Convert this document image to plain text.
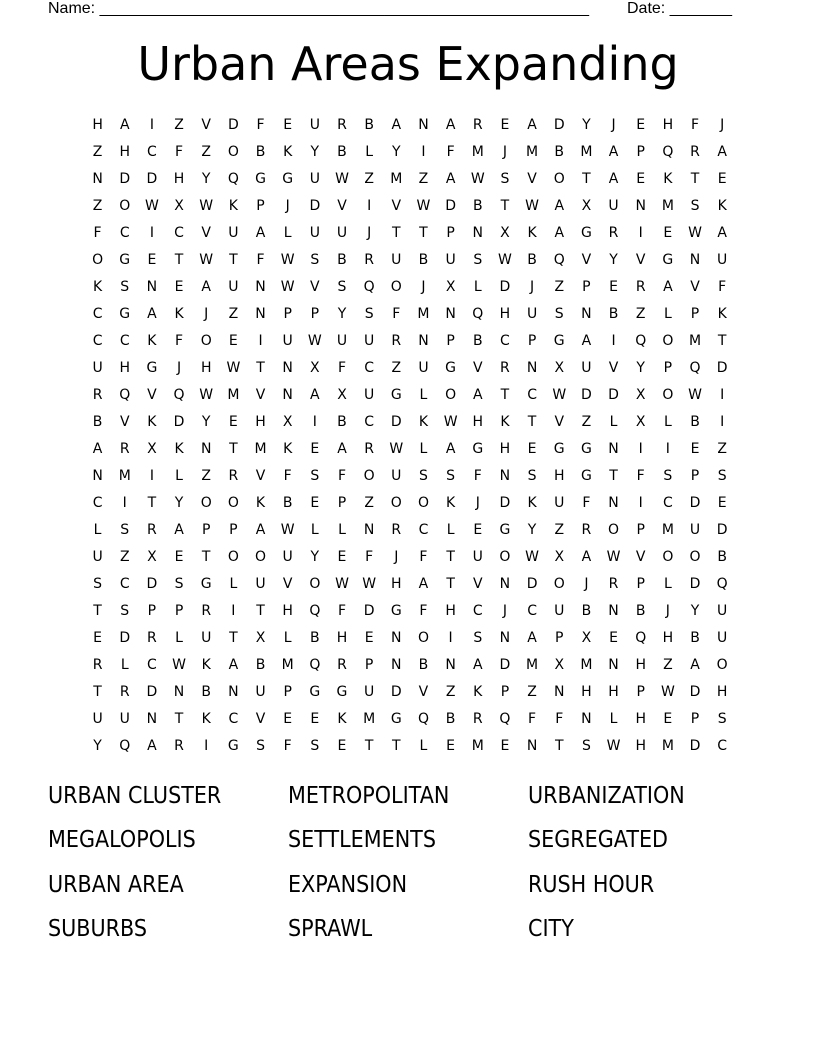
Name: _______________________________________________________ Date: _______
Urban Areas Expanding
H	A	I	Z	V	D	F	E	U	R	B	A	N	A	R	E	A	D	Y	J	E	H	F	J
Z	H	C	F	Z	O	B	K	Y	B	L	Y	I	F	M	J	M	B	M	A	P	Q	R	A
N	D	D	H	Y	Q	G	G	U	W	Z	M	Z	A	W	S	V	O	T	A	E	K	T	E
Z	O	W	X	W	K	P	J	D	V	I	V	W	D	B	T	W	A	X	U	N	M	S	K
F	C	I	C	V	U	A	L	U	U	J	T	T	P	N	X	K	A	G	R	I	E	W	A
O	G	E	T	W	T	F	W	S	B	R	U	B	U	S	W	B	Q	V	Y	V	G	N	U
K	S	N	E	A	U	N	W	V	S	Q	O	J	X	L	D	J	Z	P	E	R	A	V	F
C	G	A	K	J	Z	N	P	P	Y	S	F	M	N	Q	H	U	S	N	B	Z	L	P	K
C	C	K	F	O	E	I	U	W	U	U	R	N	P	B	C	P	G	A	I	Q	O	M	T
U	H	G	J	H	W	T	N	X	F	C	Z	U	G	V	R	N	X	U	V	Y	P	Q	D
R	Q	V	Q	W	M	V	N	A	X	U	G	L	O	A	T	C	W	D	D	X	O	W	I
B	V	K	D	Y	E	H	X	I	B	C	D	K	W	H	K	T	V	Z	L	X	L	B	I
A	R	X	K	N	T	M	K	E	A	R	W	L	A	G	H	E	G	G	N	I	I	E	Z
N	M	I	L	Z	R	V	F	S	F	O	U	S	S	F	N	S	H	G	T	F	S	P	S
C	I	T	Y	O	O	K	B	E	P	Z	O	O	K	J	D	K	U	F	N	I	C	D	E
L	S	R	A	P	P	A	W	L	L	N	R	C	L	E	G	Y	Z	R	O	P	M	U	D
U	Z	X	E	T	O	O	U	Y	E	F	J	F	T	U	O	W	X	A	W	V	O	O	B
S	C	D	S	G	L	U	V	O	W W	H	A	T	V	N	D	O	J	R	P	L	D	Q
T	S	P	P	R	I	T	H	Q	F	D	G	F	H	C	J	C	U	B	N	B	J	Y	U
E	D	R	L	U	T	X	L	B	H	E	N	O	I	S	N	A	P	X	E	Q	H	B	U
R	L	C	W	K	A	B	M	Q	R	P	N	B	N	A	D	M	X	M	N	H	Z	A	O
T	R	D	N	B	N	U	P	G	G	U	D	V	Z	K	P	Z	N	H	H	P	W	D	H
U	U	N	T	K	C	V	E	E	K	M	G	Q	B	R	Q	F	F	N	L	H	E	P	S
Y	Q	A	R	I	G	S	F	S	E	T	T	L	E	M	E	N	T	S	W	H	M	D	C
URBAN CLUSTER	METROPOLITAN	URBANIZATION
MEGALOPOLIS	SETTLEMENTS	SEGREGATED
URBAN AREA	EXPANSION	RUSH HOUR
SUBURBS	SPRAWL	CITY
